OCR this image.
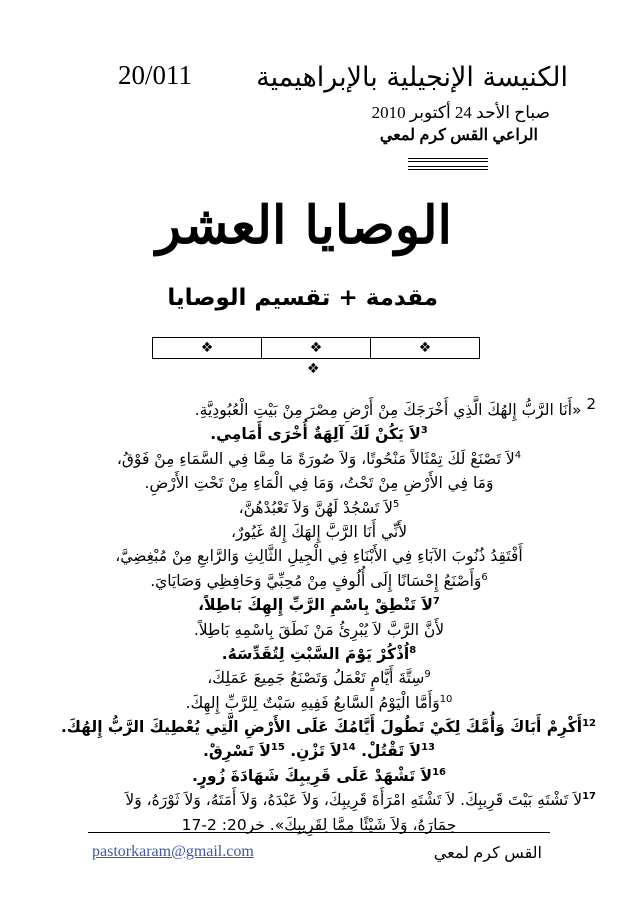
الكنيسة الإنجيلية بالإبراهيمية
20/011
صباح الأحد 24 أكتوبر 2010
الراعي القس كرم لمعي
الوصايا العشر
مقدمة + تقسيم الوصايا
❖
❖
❖
❖
$^2$ «أَنَا الرَّبُّ إِلهُكَ الَّذِي أَخْرَجَكَ مِنْ أَرْضِ مِصْرَ مِنْ بَيْتِ الْعُبُودِيَّةِ.
$^3$لاَ يَكُنْ لَكَ آلِهَةٌ أُخْرَى أَمَامِي.
$^4$لاَ تَصْنَعْ لَكَ تِمْثَالاً مَنْحُوتًا، وَلاَ صُورَةً مَا مِمَّا فِي السَّمَاءِ مِنْ فَوْقُ،
وَمَا فِي الأَرْضِ مِنْ تَحْتُ، وَمَا فِي الْمَاءِ مِنْ تَحْتِ الأَرْضِ.
$^5$لاَ تَسْجُدْ لَهُنَّ وَلاَ تَعْبُدْهُنَّ،
لأَنِّي أَنَا الرَّبَّ إِلهَكَ إِلهٌ غَيُورٌ،
أَفْتَقِدُ ذُنُوبَ الآبَاءِ فِي الأَبْنَاءِ فِي الْجِيلِ الثَّالِثِ وَالرَّابعِ مِنْ مُبْغِضِيَّ،
$^6$وَأَصْنَعُ إِحْسَانًا إِلَى أُلُوفٍ مِنْ مُحِبِّيَّ وَحَافِظِي وَصَايَايَ.
$^7$لاَ تَنْطِقْ بِاسْمِ الرَّبِّ إِلهِكَ بَاطِلاً،
لأَنَّ الرَّبَّ لاَ يُبْرِئُ مَنْ نَطَقَ بِاسْمِهِ بَاطِلاً.
$^8$اُذْكُرْ يَوْمَ السَّبْتِ لِتُقَدِّسَهُ.
$^9$سِتَّةَ أَيَّامٍ تَعْمَلُ وَتَصْنَعُ جَمِيعَ عَمَلِكَ،
$^{10}$وَأَمَّا الْيَوْمُ السَّابعُ فَفِيهِ سَبْتٌ لِلرَّبِّ إِلهِكَ.
$^{12}$أَكْرِمْ أَبَاكَ وَأُمَّكَ لِكَيْ تَطُولَ أَيَّامُكَ عَلَى الأَرْضِ الَّتِي يُعْطِيكَ الرَّبُّ إِلهُكَ.
$^{13}$لاَ تَقْتُلْ. $^{14}$لاَ تَزْنِ. $^{15}$لاَ تَسْرِقْ.
$^{16}$لاَ تَشْهَدْ عَلَى قَرِيبِكَ شَهَادَةَ زُورٍ.
$^{17}$لاَ تَشْتَهِ بَيْتَ قَرِيبِكَ. لاَ تَشْتَهِ امْرَأَةَ قَرِيبِكَ، وَلاَ عَبْدَهُ، وَلاَ أَمَتَهُ، وَلاَ ثَوْرَهُ، وَلاَ
حِمَارَهُ، وَلاَ شَيْئًا مِمَّا لِقَرِيبِكَ». خر20: 2-17
pastorkaram@gmail.com	القس كرم لمعي
